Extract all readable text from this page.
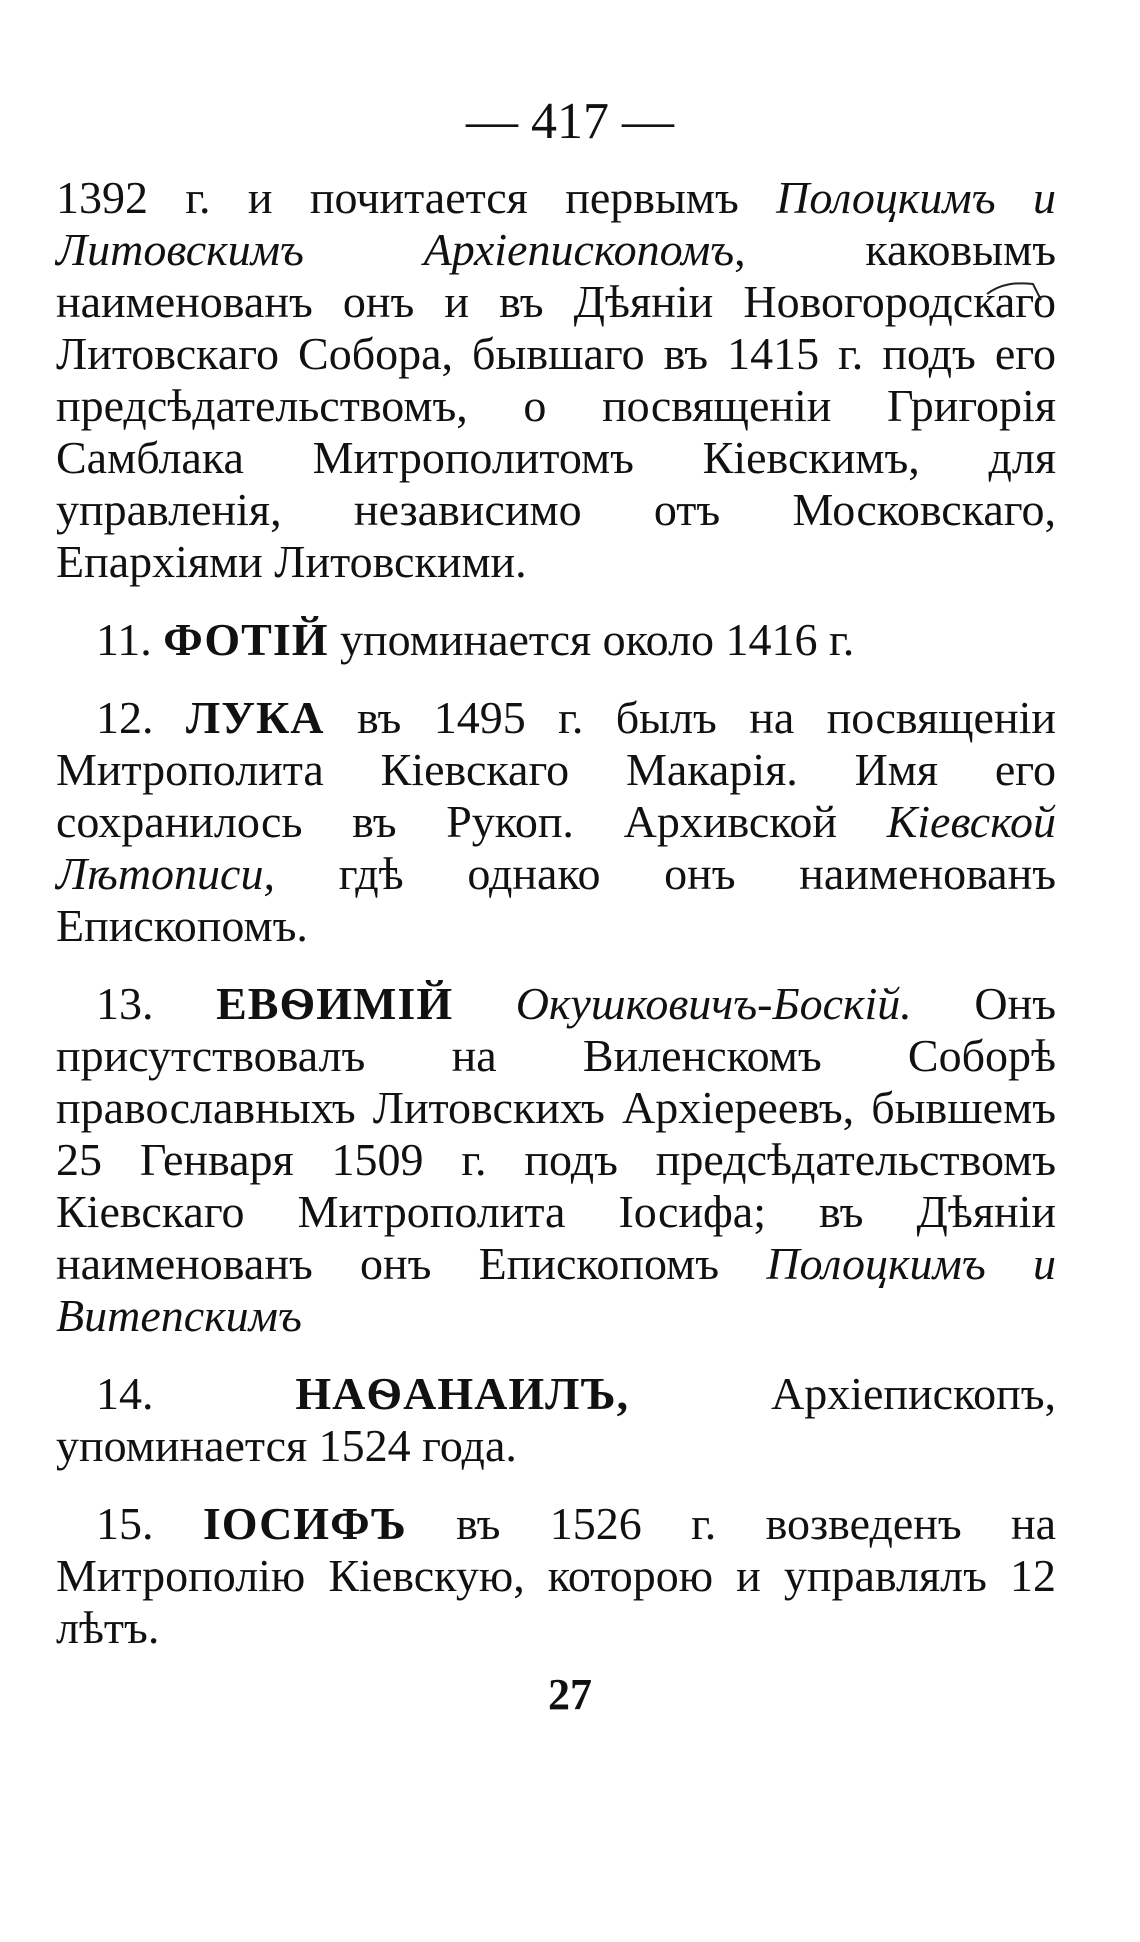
— 417 —

1392 г. и почитается первымъ Полоцкимъ и Литовскимъ Архіепископомъ, каковымъ наименованъ онъ и въ Дѣяніи Новогородскаго Литовскаго Собора, бывшаго въ 1415 г. подъ его предсѣдательствомъ, о посвященіи Григорія Самблака Митрополитомъ Кіевскимъ, для управленія, независимо отъ Московскаго, Епархіями Литовскими.

11. ФОТІЙ упоминается около 1416 г.

12. ЛУКА въ 1495 г. былъ на посвященіи Митрополита Кіевскаго Макарія. Имя его сохранилось въ Рукоп. Архивской Кіевской Лѣтописи, гдѣ однако онъ наименованъ Епископомъ.

13. ЕВѲИМІЙ Окушковичъ-Боскій. Онъ присутствовалъ на Виленскомъ Соборѣ православныхъ Литовскихъ Архіереевъ, бывшемъ 25 Генваря 1509 г. подъ предсѣдательствомъ Кіевскаго Митрополита Іосифа; въ Дѣяніи наименованъ онъ Епископомъ Полоцкимъ и Витепскимъ

14.	НАѲАНАИЛЪ,	Архіепископъ, упоминается 1524 года.

15. ІОСИФЪ въ 1526 г. возведенъ на Митрополію Кіевскую, которою и управлялъ 12 лѣтъ.

27
